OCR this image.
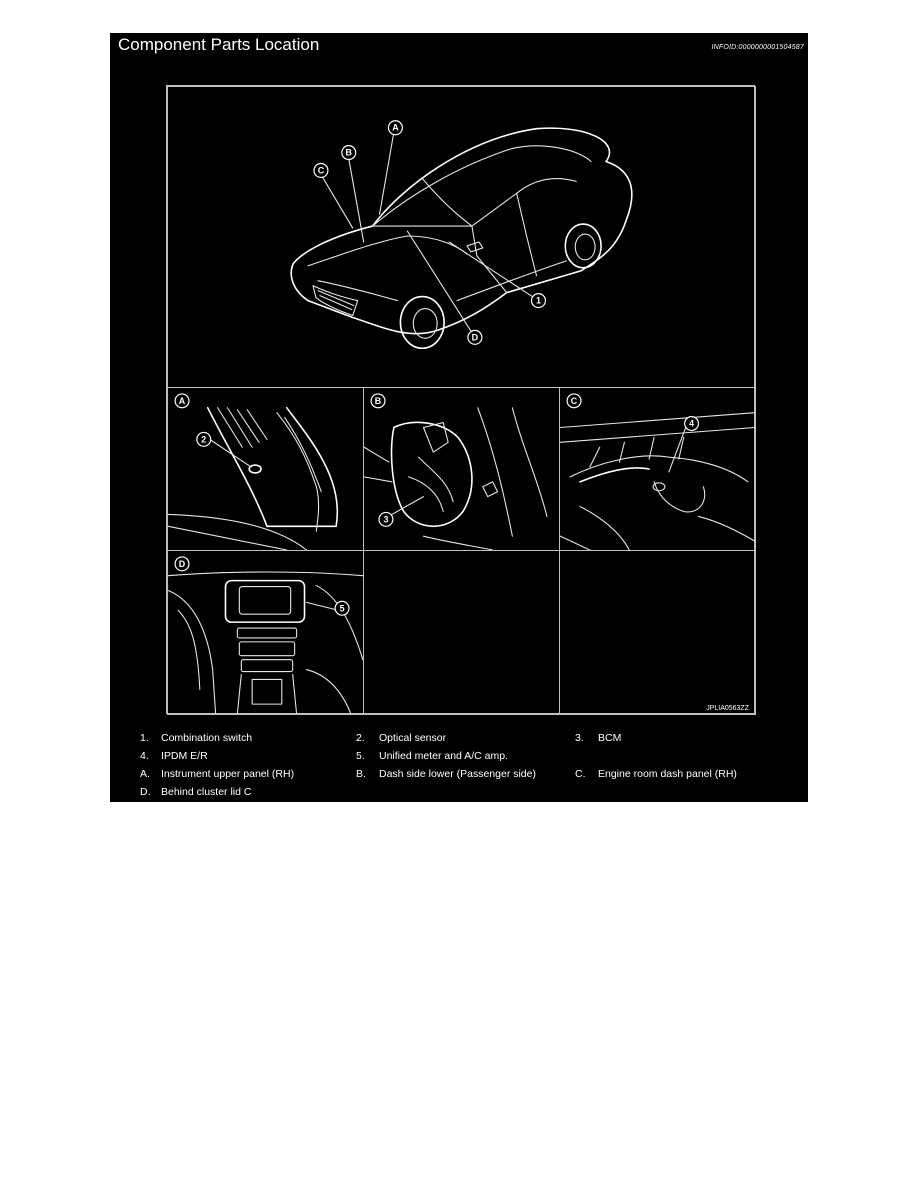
Component Parts Location	INFOID:0000000001504587
A
B
C
D
1
A
2
B
3
C
4
D
5
JPLIA0563ZZ
1. Combination switch	2. Optical sensor	3. BCM
4. IPDM E/R	5. Unified meter and A/C amp.
A. Instrument upper panel (RH)	B. Dash side lower (Passenger side)	C. Engine room dash panel (RH)
D. Behind cluster lid C
